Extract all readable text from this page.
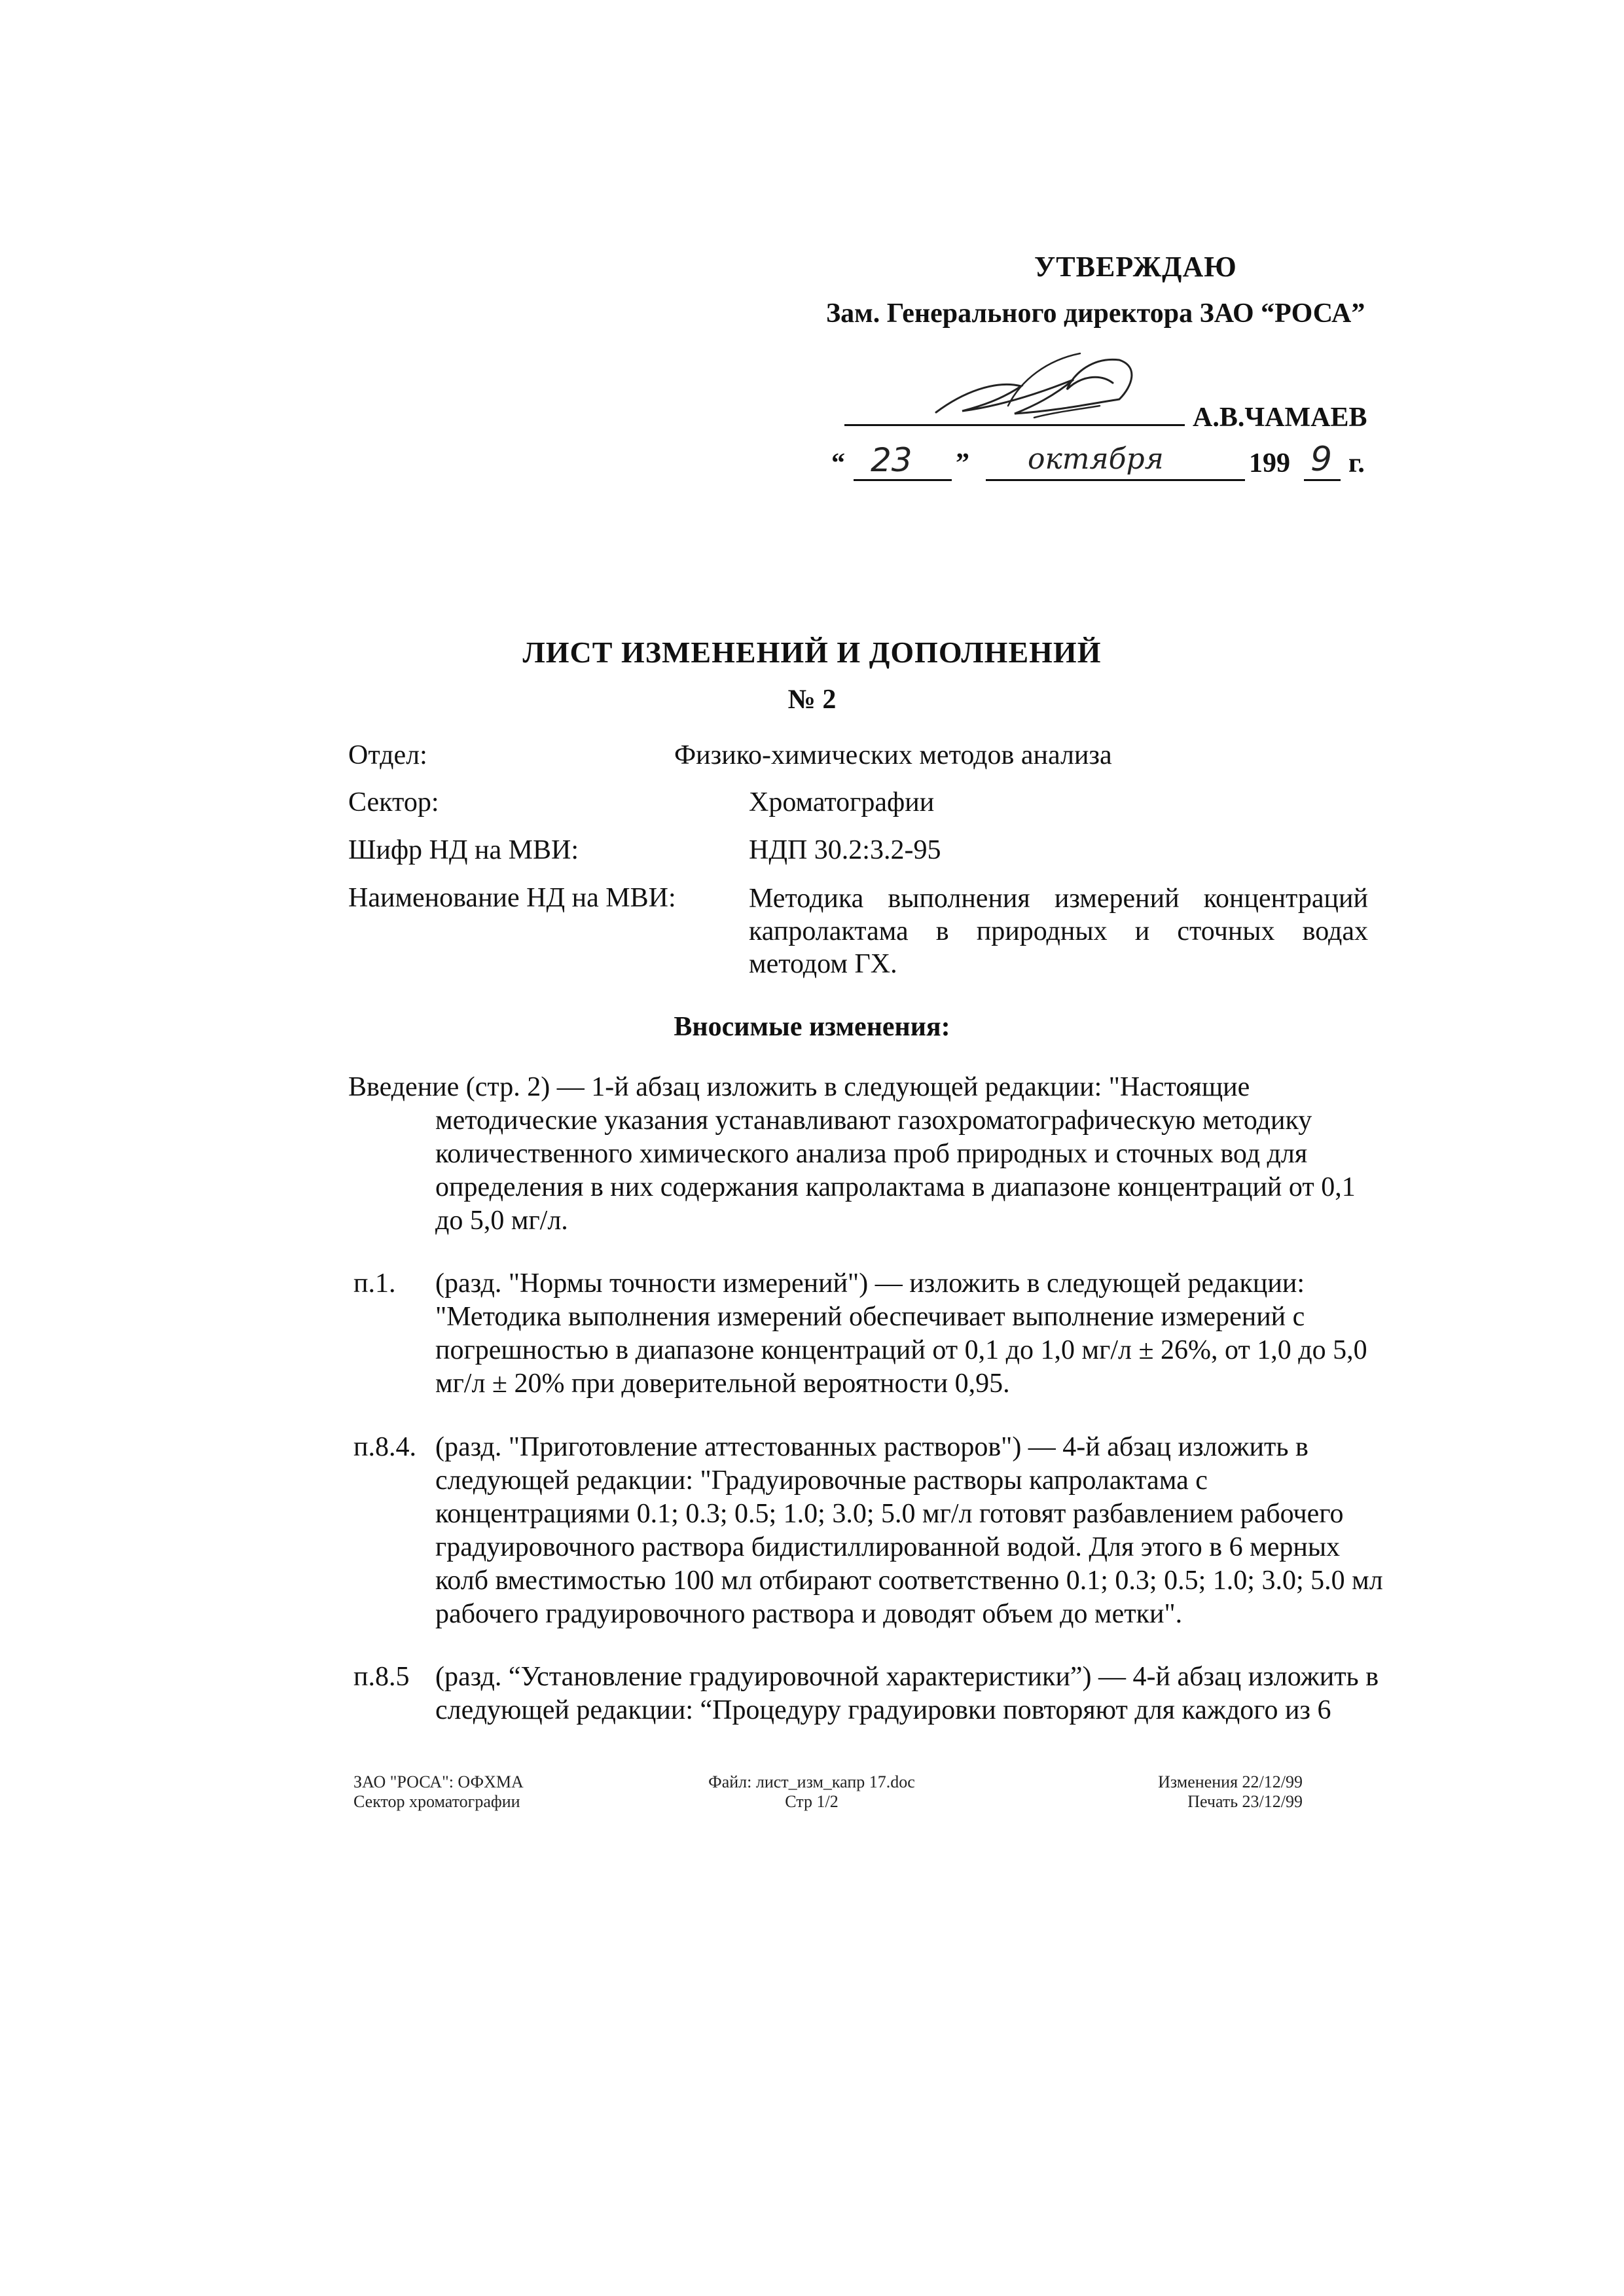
УТВЕРЖДАЮ
Зам. Генерального директора ЗАО “РОСА”
А.В.ЧАМАЕВ
“ 23 ” октября	199 9 г.
ЛИСТ ИЗМЕНЕНИЙ И ДОПОЛНЕНИЙ
№ 2
Отдел:	Физико-химических методов анализа
Сектор:	Хроматографии
Шифр НД на МВИ:	НДП 30.2:3.2-95
Наименование НД на МВИ:	Методика выполнения измерений концентраций капролактама в природных и сточных водах методом ГХ.
Вносимые изменения:
Введение (стр. 2) — 1-й абзац изложить в следующей редакции: "Настоящие
методические указания устанавливают газохроматографическую методику количественного химического анализа проб природных и сточных вод для определения в них содержания капролактама в диапазоне концентраций от 0,1 до 5,0 мг/л.
п.1. (разд. "Нормы точности измерений") — изложить в следующей редакции: "Методика выполнения измерений обеспечивает выполнение измерений с погрешностью в диапазоне концентраций от 0,1 до 1,0 мг/л ± 26%, от 1,0 до 5,0 мг/л ± 20% при доверительной вероятности 0,95.
п.8.4. (разд. "Приготовление аттестованных растворов") — 4-й абзац изложить в следующей редакции: "Градуировочные растворы капролактама с концентрациями 0.1; 0.3; 0.5; 1.0; 3.0; 5.0 мг/л готовят разбавлением рабочего градуировочного раствора бидистиллированной водой. Для этого в 6 мерных колб вместимостью 100 мл отбирают соответственно 0.1; 0.3; 0.5; 1.0; 3.0; 5.0 мл рабочего градуировочного раствора и доводят объем до метки".
п.8.5 (разд. “Установление градуировочной характеристики”) — 4-й абзац изложить в следующей редакции: “Процедуру градуировки повторяют для каждого из 6
ЗАО "РОСА": ОФХМА
Сектор хроматографии
Файл: лист_изм_капр 17.doc
Стр 1/2
Изменения 22/12/99
Печать 23/12/99
